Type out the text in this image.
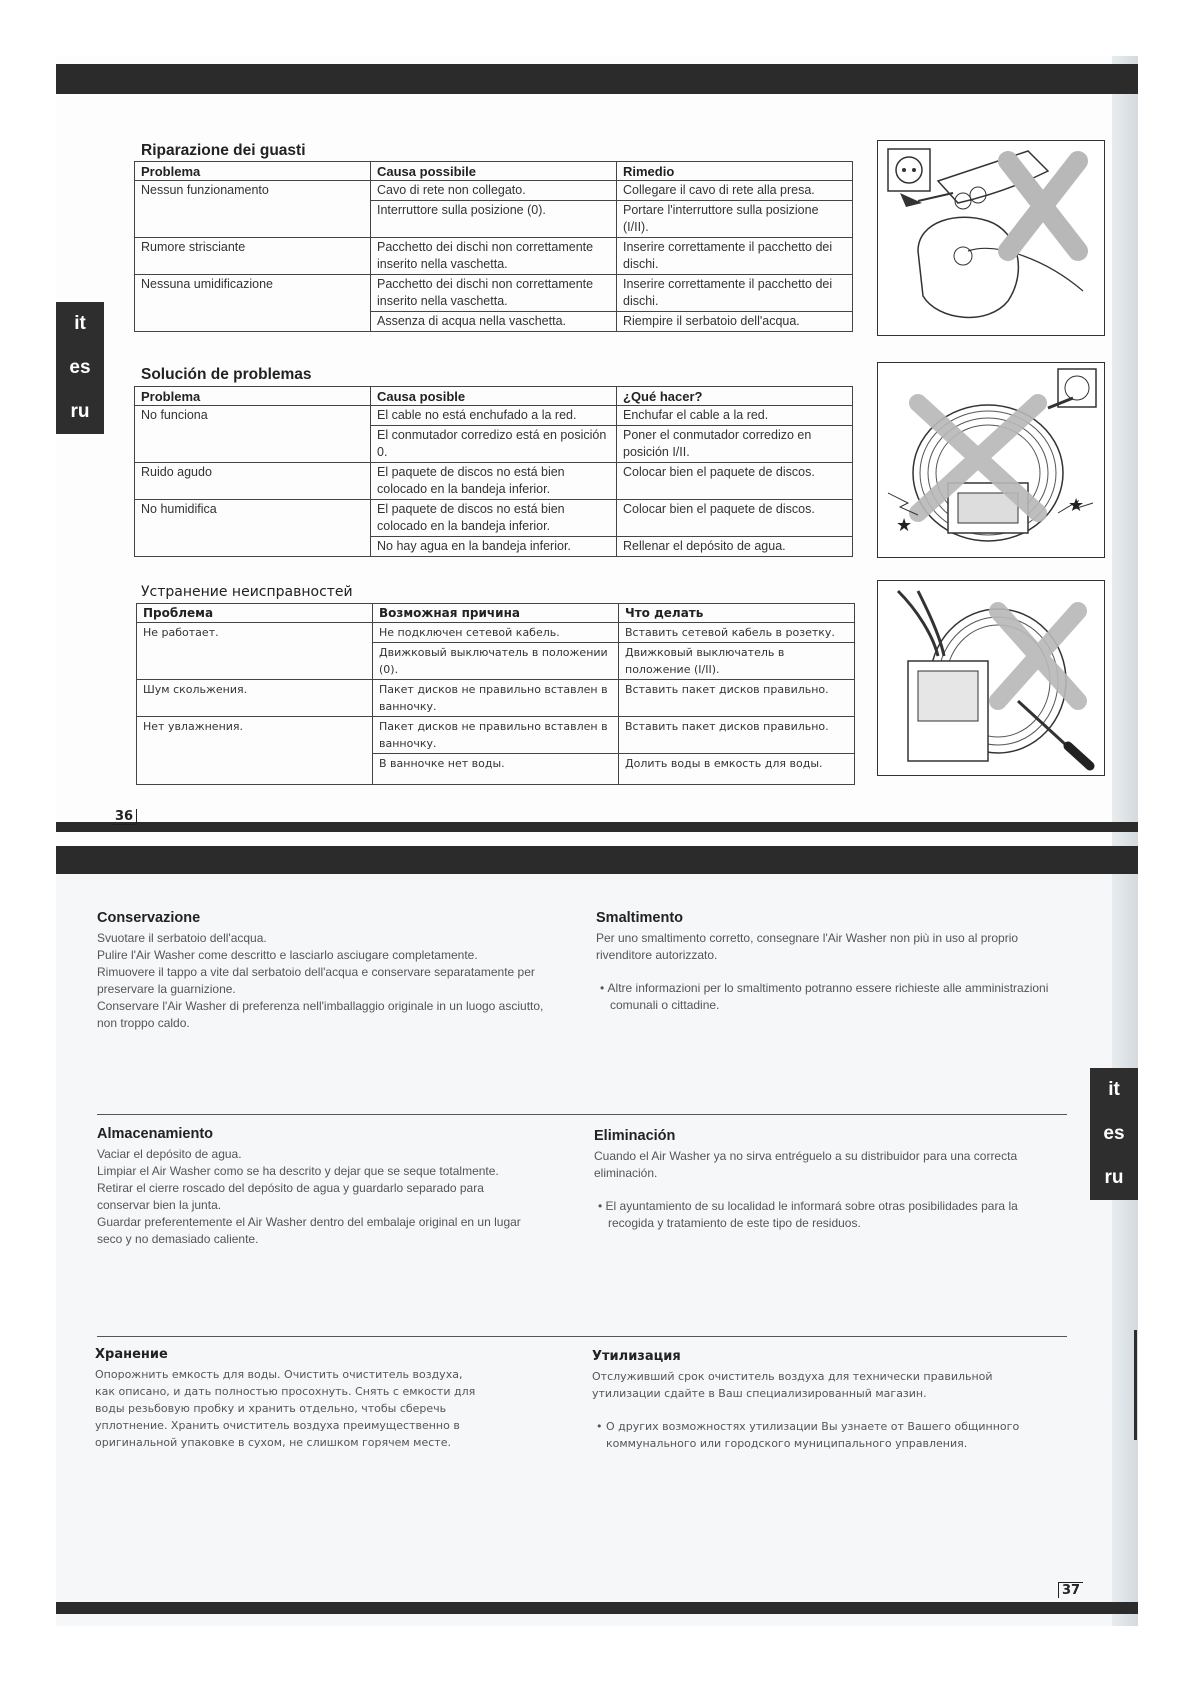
it
es
ru
it
es
ru
Riparazione dei guasti
Problema	Causa possibile	Rimedio
Nessun funzionamento	Cavo di rete non collegato.	Collegare il cavo di rete alla presa.
	Interruttore sulla posizione (0).	Portare l'interruttore sulla posizione (I/II).
Rumore strisciante	Pacchetto dei dischi non correttamente inserito nella vaschetta.	Inserire correttamente il pacchetto dei dischi.
Nessuna umidificazione	Pacchetto dei dischi non correttamente inserito nella vaschetta.	Inserire correttamente il pacchetto dei dischi.
	Assenza di acqua nella vaschetta.	Riempire il serbatoio dell'acqua.
Solución de problemas
Problema	Causa posible	¿Qué hacer?
No funciona	El cable no está enchufado a la red.	Enchufar el cable a la red.
	El conmutador corredizo está en posición 0.	Poner el conmutador corredizo en posición I/II.
Ruido agudo	El paquete de discos no está bien colocado en la bandeja inferior.	Colocar bien el paquete de discos.
No humidifica	El paquete de discos no está bien colocado en la bandeja inferior.	Colocar bien el paquete de discos.
	No hay agua en la bandeja inferior.	Rellenar el depósito de agua.
Устранение неисправностей
Проблема	Возможная причина	Что делать
Не работает.	Не подключен сетевой кабель.	Вставить сетевой кабель в розетку.
	Движковый выключатель в положении (0).	Движковый выключатель в положение (I/II).
Шум скольжения.	Пакет дисков не правильно вставлен в ванночку.	Вставить пакет дисков правильно.
Нет увлажнения.	Пакет дисков не правильно вставлен в ванночку.	Вставить пакет дисков правильно.
	В ванночке нет воды.	Долить воды в емкость для воды.
★
★
36
Conservazione

Svuotare il serbatoio dell'acqua.

Pulire l'Air Washer come descritto e lasciarlo asciugare completamente.

Rimuovere il tappo a vite dal serbatoio dell'acqua e conservare separatamente per preservare la guarnizione.

Conservare l'Air Washer di preferenza nell'imballaggio originale in un luogo asciutto, non troppo caldo.

Smaltimento

Per uno smaltimento corretto, consegnare l'Air Washer non più in uso al proprio rivenditore autorizzato.

• Altre informazioni per lo smaltimento potranno essere richieste alle amministrazioni comunali o cittadine.

Almacenamiento

Vaciar el depósito de agua.

Limpiar el Air Washer como se ha descrito y dejar que se seque totalmente.

Retirar el cierre roscado del depósito de agua y guardarlo separado para conservar bien la junta.

Guardar preferentemente el Air Washer dentro del embalaje original en un lugar seco y no demasiado caliente.

Eliminación

Cuando el Air Washer ya no sirva entréguelo a su distribuidor para una correcta eliminación.

• El ayuntamiento de su localidad le informará sobre otras posibilidades para la recogida y tratamiento de este tipo de residuos.

Хранение

Опорожнить емкость для воды. Очистить очиститель воздуха, как описано, и дать полностью просохнуть. Снять с емкости для воды резьбовую пробку и хранить отдельно, чтобы сберечь уплотнение. Хранить очиститель воздуха преимущественно в оригинальной упаковке в сухом, не слишком горячем месте.

Утилизация

Отслуживший срок очиститель воздуха для технически правильной утилизации сдайте в Ваш специализированный магазин.

• О других возможностях утилизации Вы узнаете от Вашего общинного коммунального или городского муниципального управления.

37
